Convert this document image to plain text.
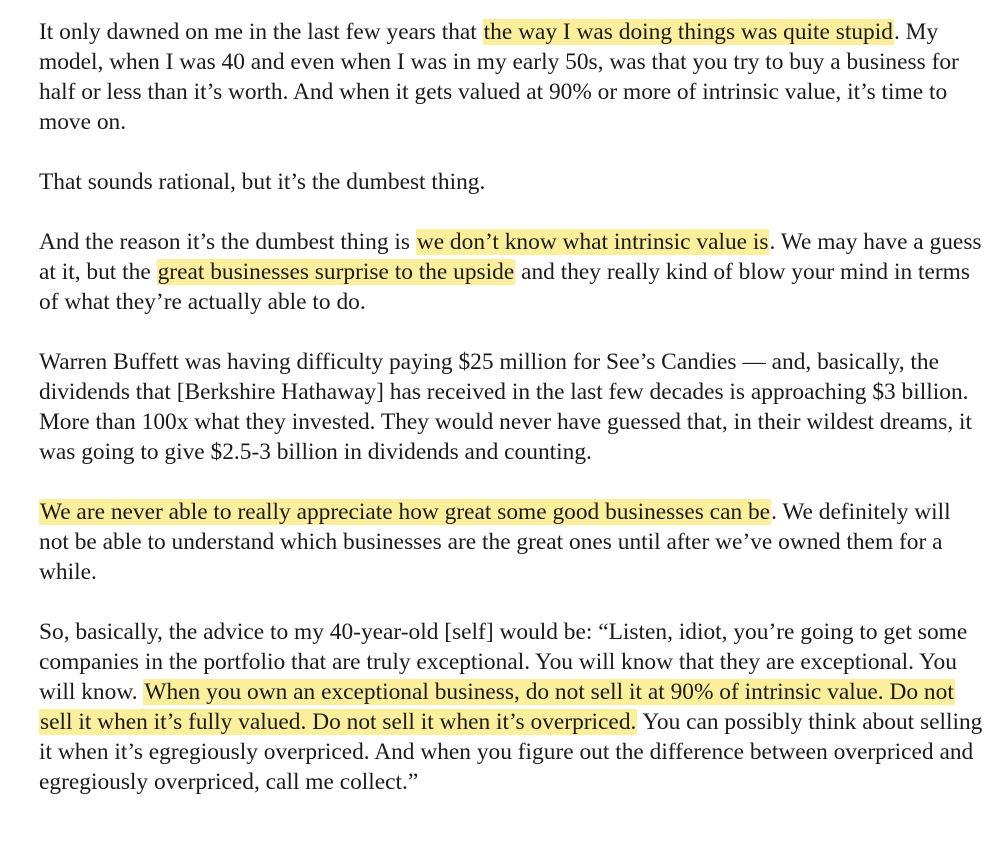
It only dawned on me in the last few years that the way I was doing things was quite stupid. My model, when I was 40 and even when I was in my early 50s, was that you try to buy a business for half or less than it’s worth. And when it gets valued at 90% or more of intrinsic value, it’s time to move on.

That sounds rational, but it’s the dumbest thing.

And the reason it’s the dumbest thing is we don’t know what intrinsic value is. We may have a guess at it, but the great businesses surprise to the upside and they really kind of blow your mind in terms of what they’re actually able to do.

Warren Buffett was having difficulty paying $25 million for See’s Candies — and, basically, the dividends that [Berkshire Hathaway] has received in the last few decades is approaching $3 billion. More than 100x what they invested. They would never have guessed that, in their wildest dreams, it was going to give $2.5-3 billion in dividends and counting.

We are never able to really appreciate how great some good businesses can be. We definitely will not be able to understand which businesses are the great ones until after we’ve owned them for a while.

So, basically, the advice to my 40-year-old [self] would be: “Listen, idiot, you’re going to get some companies in the portfolio that are truly exceptional. You will know that they are exceptional. You will know. When you own an exceptional business, do not sell it at 90% of intrinsic value. Do not sell it when it’s fully valued. Do not sell it when it’s overpriced. You can possibly think about selling it when it’s egregiously overpriced. And when you figure out the difference between overpriced and egregiously overpriced, call me collect.”
